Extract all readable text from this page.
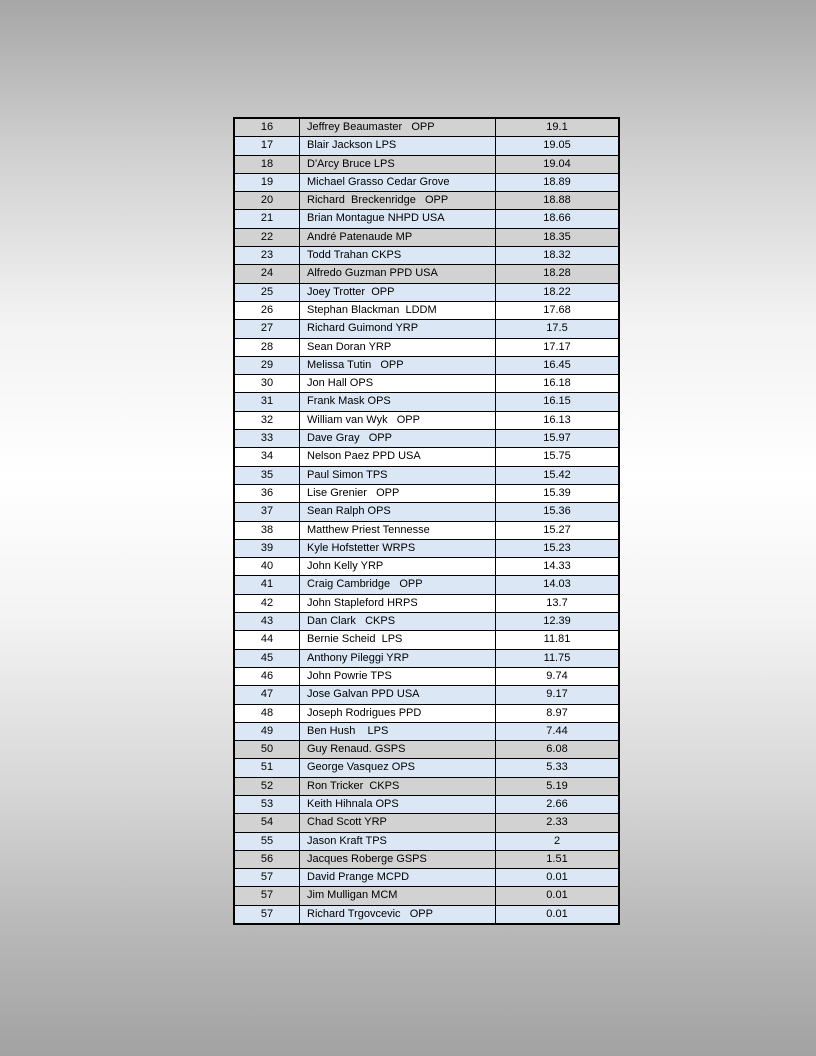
16	Jeffrey Beaumaster   OPP	19.1
17	Blair Jackson LPS	19.05
18	D'Arcy Bruce LPS	19.04
19	Michael Grasso Cedar Grove	18.89
20	Richard  Breckenridge   OPP	18.88
21	Brian Montague NHPD USA	18.66
22	André Patenaude MP	18.35
23	Todd Trahan CKPS	18.32
24	Alfredo Guzman PPD USA	18.28
25	Joey Trotter  OPP	18.22
26	Stephan Blackman  LDDM	17.68
27	Richard Guimond YRP	17.5
28	Sean Doran YRP	17.17
29	Melissa Tutin   OPP	16.45
30	Jon Hall OPS	16.18
31	Frank Mask OPS	16.15
32	William van Wyk   OPP	16.13
33	Dave Gray   OPP	15.97
34	Nelson Paez PPD USA	15.75
35	Paul Simon TPS	15.42
36	Lise Grenier   OPP	15.39
37	Sean Ralph OPS	15.36
38	Matthew Priest Tennesse	15.27
39	Kyle Hofstetter WRPS	15.23
40	John Kelly YRP	14.33
41	Craig Cambridge   OPP	14.03
42	John Stapleford HRPS	13.7
43	Dan Clark   CKPS	12.39
44	Bernie Scheid  LPS	11.81
45	Anthony Pileggi YRP	11.75
46	John Powrie TPS	9.74
47	Jose Galvan PPD USA	9.17
48	Joseph Rodrigues PPD	8.97
49	Ben Hush    LPS	7.44
50	Guy Renaud. GSPS	6.08
51	George Vasquez OPS	5.33
52	Ron Tricker  CKPS	5.19
53	Keith Hihnala OPS	2.66
54	Chad Scott YRP	2.33
55	Jason Kraft TPS	2
56	Jacques Roberge GSPS	1.51
57	David Prange MCPD	0.01
57	Jim Mulligan MCM	0.01
57	Richard Trgovcevic   OPP	0.01
